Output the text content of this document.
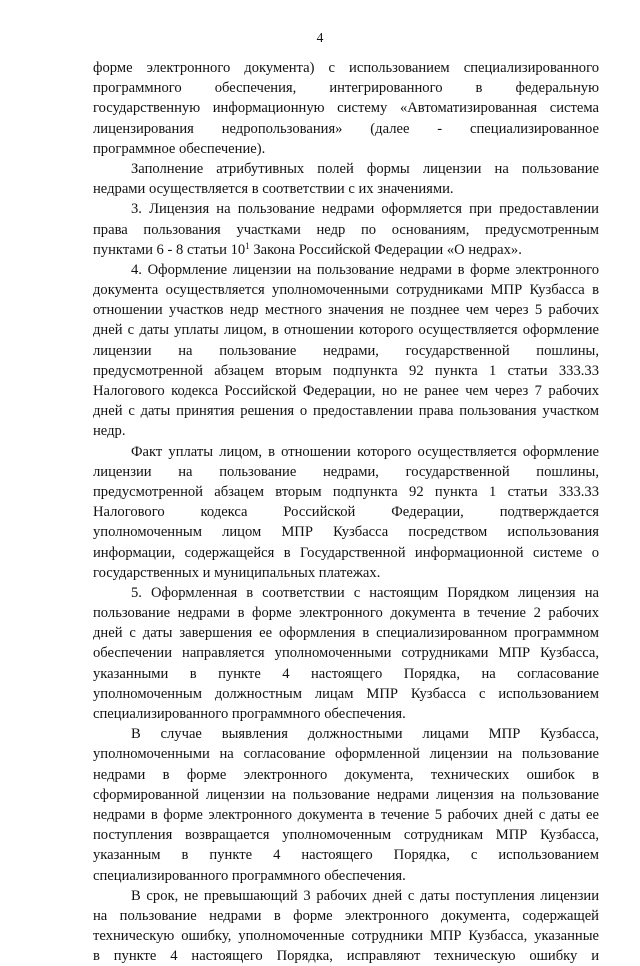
4
форме электронного документа) с использованием специализированного
программного обеспечения, интегрированного в федеральную
государственную информационную систему «Автоматизированная система
лицензирования недропользования» (далее - специализированное
программное обеспечение).
Заполнение атрибутивных полей формы лицензии на пользование
недрами осуществляется в соответствии с их значениями.
3. Лицензия на пользование недрами оформляется при предоставлении
права пользования участками недр по основаниям, предусмотренным
пунктами 6 - 8 статьи $10^1$ Закона Российской Федерации «О недрах».
4. Оформление лицензии на пользование недрами в форме электронного
документа осуществляется уполномоченными сотрудниками МПР Кузбасса в
отношении участков недр местного значения не позднее чем через 5 рабочих
дней с даты уплаты лицом, в отношении которого осуществляется оформление
лицензии на пользование недрами, государственной пошлины,
предусмотренной абзацем вторым подпункта 92 пункта 1 статьи 333.33
Налогового кодекса Российской Федерации, но не ранее чем через 7 рабочих
дней с даты принятия решения о предоставлении права пользования участком
недр.
Факт уплаты лицом, в отношении которого осуществляется оформление
лицензии на пользование недрами, государственной пошлины,
предусмотренной абзацем вторым подпункта 92 пункта 1 статьи 333.33
Налогового кодекса Российской Федерации, подтверждается
уполномоченным лицом МПР Кузбасса посредством использования
информации, содержащейся в Государственной информационной системе о
государственных и муниципальных платежах.
5. Оформленная в соответствии с настоящим Порядком лицензия на
пользование недрами в форме электронного документа в течение 2 рабочих
дней с даты завершения ее оформления в специализированном программном
обеспечении направляется уполномоченными сотрудниками МПР Кузбасса,
указанными в пункте 4 настоящего Порядка, на согласование
уполномоченным должностным лицам МПР Кузбасса с использованием
специализированного программного обеспечения.
В случае выявления должностными лицами МПР Кузбасса,
уполномоченными на согласование оформленной лицензии на пользование
недрами в форме электронного документа, технических ошибок в
сформированной лицензии на пользование недрами лицензия на пользование
недрами в форме электронного документа в течение 5 рабочих дней с даты ее
поступления возвращается уполномоченным сотрудникам МПР Кузбасса,
указанным в пункте 4 настоящего Порядка, с использованием
специализированного программного обеспечения.
В срок, не превышающий 3 рабочих дней с даты поступления лицензии
на пользование недрами в форме электронного документа, содержащей
техническую ошибку, уполномоченные сотрудники МПР Кузбасса, указанные
в пункте 4 настоящего Порядка, исправляют техническую ошибку и
